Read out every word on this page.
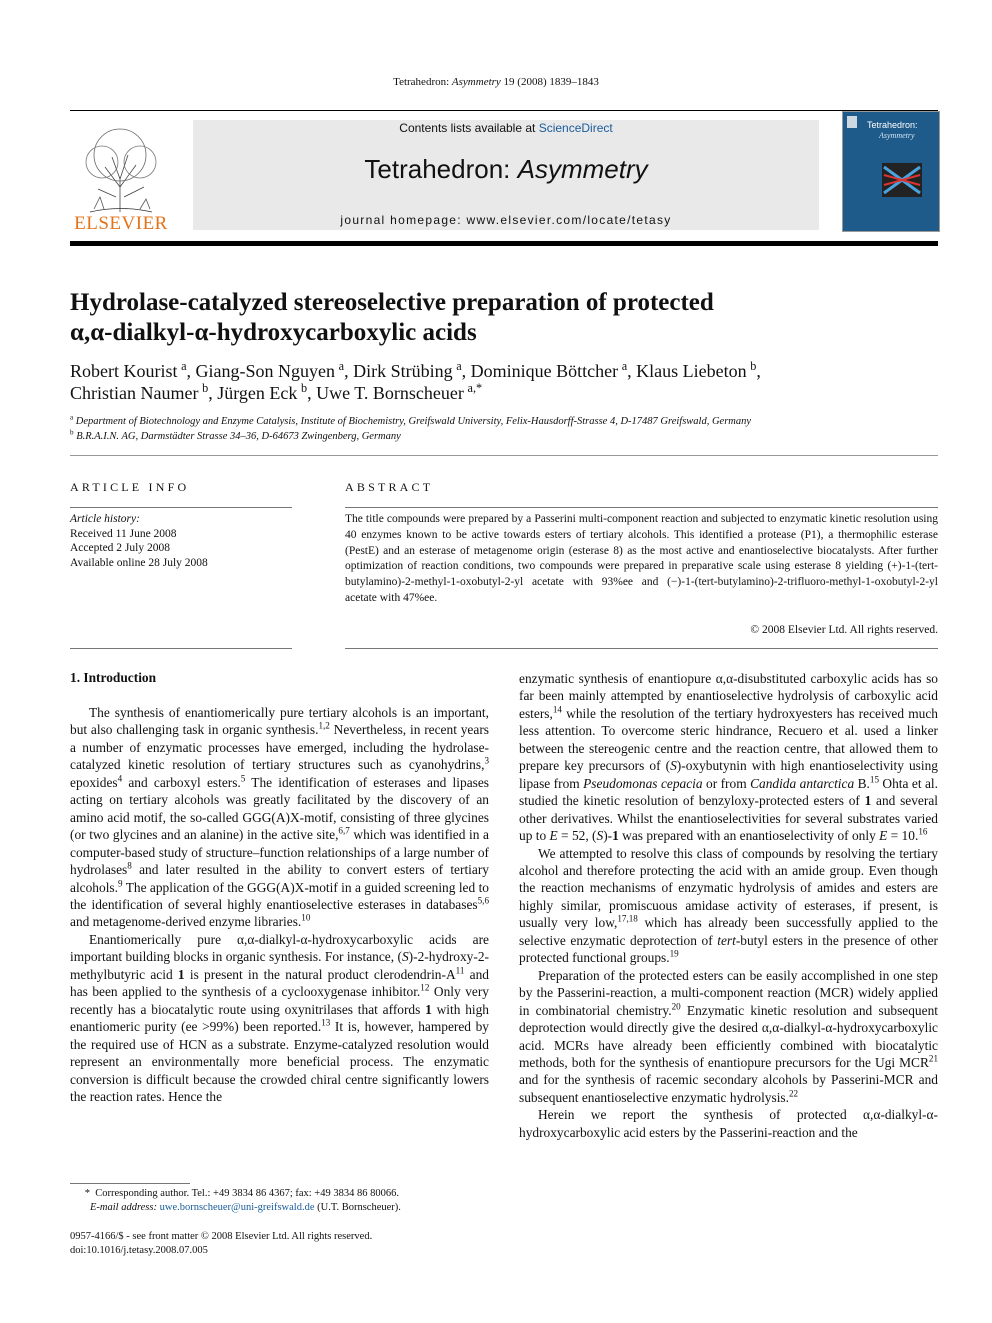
Tetrahedron: Asymmetry 19 (2008) 1839–1843
ELSEVIER
Contents lists available at ScienceDirect
Tetrahedron: Asymmetry
journal homepage: www.elsevier.com/locate/tetasy
Tetrahedron:
Asymmetry
Hydrolase-catalyzed stereoselective preparation of protected
α,α-dialkyl-α-hydroxycarboxylic acids
Robert Kourist  $^a$, Giang-Son Nguyen  $^a$, Dirk Strübing  $^a$, Dominique Böttcher  $^a$, Klaus Liebeton  $^b$,
Christian Naumer  $^b$, Jürgen Eck  $^b$, Uwe T. Bornscheuer  $^{a,*}$
$^a$ Department of Biotechnology and Enzyme Catalysis, Institute of Biochemistry, Greifswald University, Felix-Hausdorff-Strasse 4, D-17487 Greifswald, Germany
$^b$ B.R.A.I.N. AG, Darmstädter Strasse 34–36, D-64673 Zwingenberg, Germany
ARTICLE INFO
Article history:
Received 11 June 2008
Accepted 2 July 2008
Available online 28 July 2008
ABSTRACT
The title compounds were prepared by a Passerini multi-component reaction and subjected to enzymatic kinetic resolution using 40 enzymes known to be active towards esters of tertiary alcohols. This identified a protease (P1), a thermophilic esterase (PestE) and an esterase of metagenome origin (esterase 8) as the most active and enantioselective biocatalysts. After further optimization of reaction conditions, two compounds were prepared in preparative scale using esterase 8 yielding (+)-1-(tert-butylamino)-2-methyl-1-oxobutyl-2-yl acetate with 93%ee and (−)-1-(tert-butylamino)-2-trifluoro-methyl-1-oxobutyl-2-yl acetate with 47%ee.
© 2008 Elsevier Ltd. All rights reserved.
1. Introduction

The synthesis of enantiomerically pure tertiary alcohols is an important, but also challenging task in organic synthesis.$^{1,2}$ Nevertheless, in recent years a number of enzymatic processes have emerged, including the hydrolase-catalyzed kinetic resolution of tertiary structures such as cyanohydrins,$^3$ epoxides$^4$ and carboxyl esters.$^5$ The identification of esterases and lipases acting on tertiary alcohols was greatly facilitated by the discovery of an amino acid motif, the so-called GGG(A)X-motif, consisting of three glycines (or two glycines and an alanine) in the active site,$^{6,7}$ which was identified in a computer-based study of structure–function relationships of a large number of hydrolases$^8$ and later resulted in the ability to convert esters of tertiary alcohols.$^9$ The application of the GGG(A)X-motif in a guided screening led to the identification of several highly enantioselective esterases in databases$^{5,6}$ and metagenome-derived enzyme libraries.$^{10}$

Enantiomerically pure α,α-dialkyl-α-hydroxycarboxylic acids are important building blocks in organic synthesis. For instance, (S)-2-hydroxy-2-methylbutyric acid 1 is present in the natural product clerodendrin-$A^{11}$ and has been applied to the synthesis of a cyclooxygenase inhibitor.$^{12}$ Only very recently has a biocatalytic route using oxynitrilases that affords 1 with high enantiomeric purity (ee >99%) been reported.$^{13}$ It is, however, hampered by the required use of HCN as a substrate. Enzyme-catalyzed resolution would represent an environmentally more beneficial process. The enzymatic conversion is difficult because the crowded chiral centre significantly lowers the reaction rates. Hence the

enzymatic synthesis of enantiopure α,α-disubstituted carboxylic acids has so far been mainly attempted by enantioselective hydrolysis of carboxylic acid esters,$^{14}$ while the resolution of the tertiary hydroxyesters has received much less attention. To overcome steric hindrance, Recuero et al. used a linker between the stereogenic centre and the reaction centre, that allowed them to prepare key precursors of (S)-oxybutynin with high enantioselectivity using lipase from Pseudomonas cepacia or from Candida antarctica B.$^{15}$ Ohta et al. studied the kinetic resolution of benzyloxy-protected esters of 1 and several other derivatives. Whilst the enantioselectivities for several substrates varied up to E = 52, (S)-1 was prepared with an enantioselectivity of only E = 10.16

We attempted to resolve this class of compounds by resolving the tertiary alcohol and therefore protecting the acid with an amide group. Even though the reaction mechanisms of enzymatic hydrolysis of amides and esters are highly similar, promiscuous amidase activity of esterases, if present, is usually very low,$^{17,18}$ which has already been successfully applied to the selective enzymatic deprotection of tert-butyl esters in the presence of other protected functional groups.$^{19}$

Preparation of the protected esters can be easily accomplished in one step by the Passerini-reaction, a multi-component reaction (MCR) widely applied in combinatorial chemistry.$^{20}$ Enzymatic kinetic resolution and subsequent deprotection would directly give the desired α,α-dialkyl-α-hydroxycarboxylic acid. MCRs have already been efficiently combined with biocatalytic methods, both for the synthesis of enantiopure precursors for the Ugi MCR$^{21}$ and for the synthesis of racemic secondary alcohols by Passerini-MCR and subsequent enantioselective enzymatic hydrolysis.$^{22}$

Herein we report the synthesis of protected α,α-dialkyl-α-hydroxycarboxylic acid esters by the Passerini-reaction and the

* Corresponding author. Tel.: +49 3834 86 4367; fax: +49 3834 86 80066.
E-mail address: uwe.bornscheuer@uni-greifswald.de (U.T. Bornscheuer).
0957-4166/$ - see front matter © 2008 Elsevier Ltd. All rights reserved.
doi:10.1016/j.tetasy.2008.07.005
